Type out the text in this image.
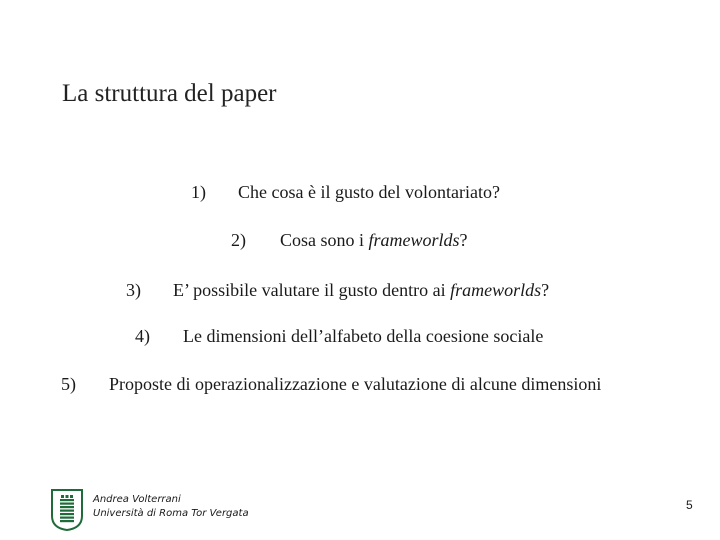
La struttura del paper
1) Che cosa è il gusto del volontariato?
2) Cosa sono i frameworlds?
3) E’ possibile valutare il gusto dentro ai frameworlds?
4) Le dimensioni dell’alfabeto della coesione sociale
5) Proposte di operazionalizzazione e valutazione di alcune dimensioni
Andrea Volterrani
Università di Roma Tor Vergata
5
